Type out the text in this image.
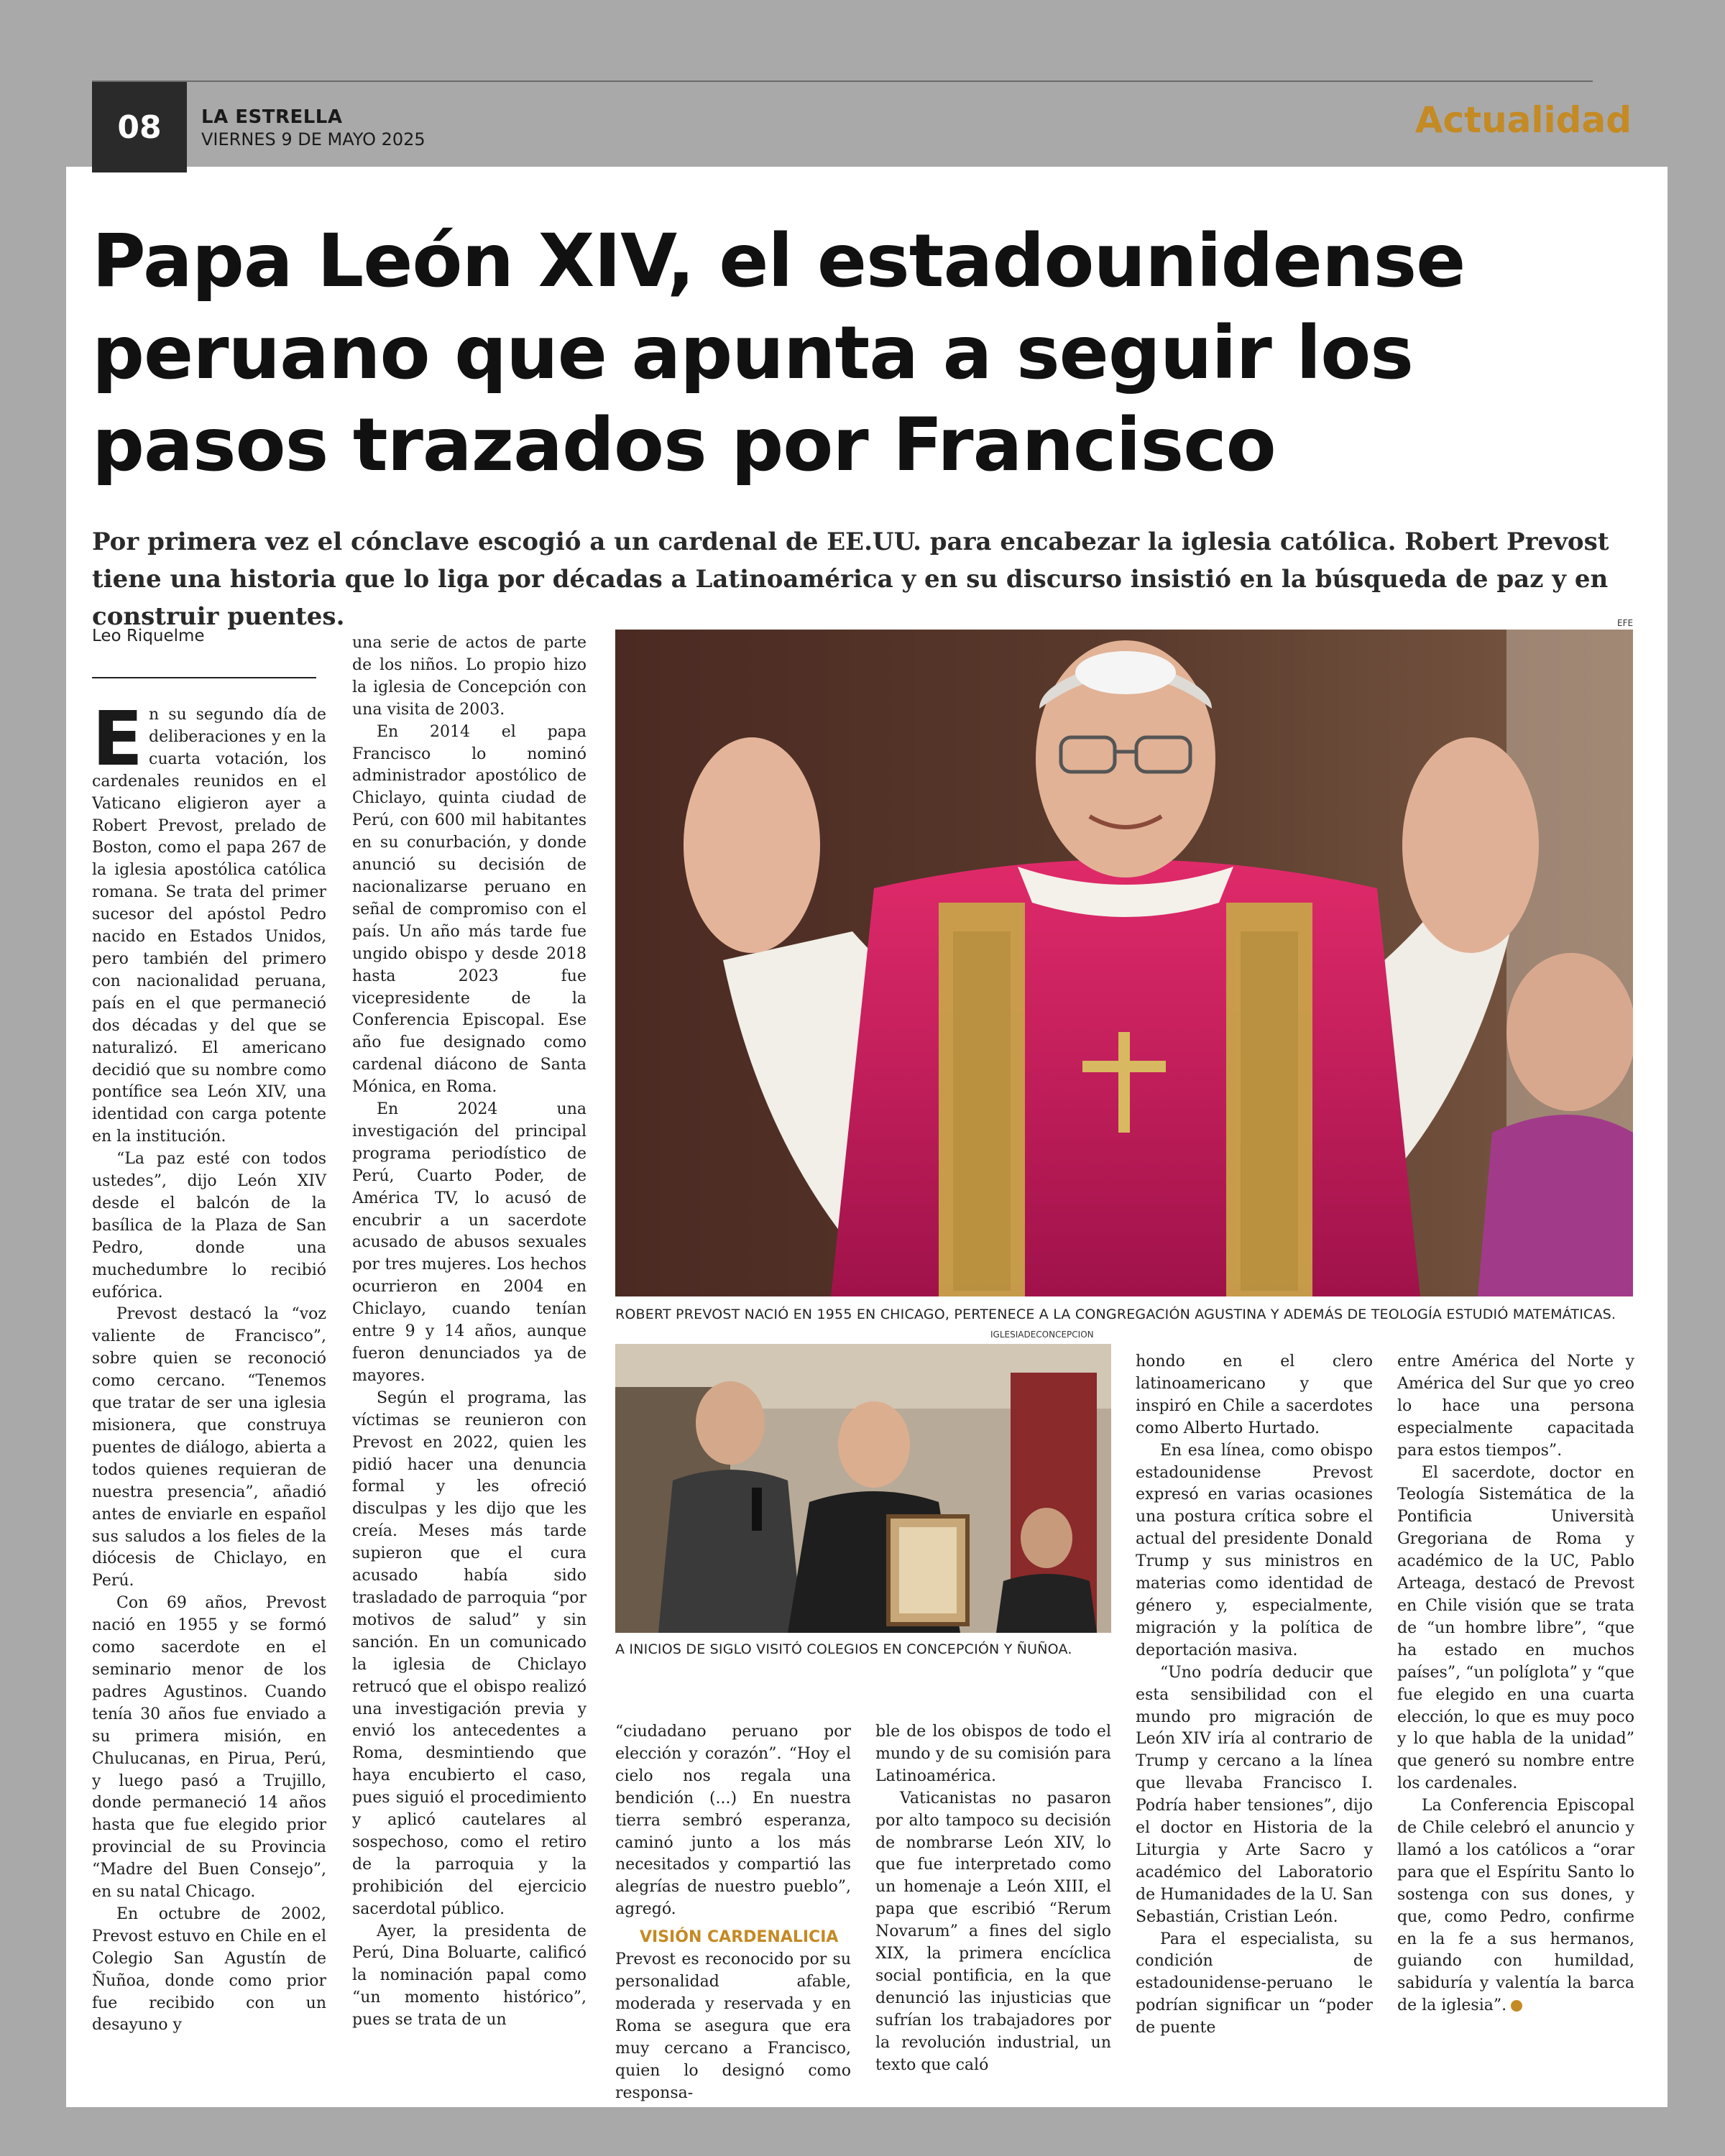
08	LA ESTRELLA
VIERNES 9 DE MAYO 2025	Actualidad
Papa León XIV, el estadounidense peruano que apunta a seguir los pasos trazados por Francisco
Por primera vez el cónclave escogió a un cardenal de EE.UU. para encabezar la iglesia católica. Robert Prevost tiene una historia que lo liga por décadas a Latinoamérica y en su discurso insistió en la búsqueda de paz y en construir puentes.
Leo Riquelme

En su segundo día de deliberaciones y en la cuarta votación, los cardenales reunidos en el Vaticano eligieron ayer a Robert Prevost, prelado de Boston, como el papa 267 de la iglesia apostólica católica romana. Se trata del primer sucesor del apóstol Pedro nacido en Estados Unidos, pero también del primero con nacionalidad peruana, país en el que permaneció dos décadas y del que se naturalizó. El americano decidió que su nombre como pontífice sea León XIV, una identidad con carga potente en la institución.

“La paz esté con todos ustedes”, dijo León XIV desde el balcón de la basílica de la Plaza de San Pedro, donde una muchedumbre lo recibió eufórica.

Prevost destacó la “voz valiente de Francisco”, sobre quien se reconoció como cercano. “Tenemos que tratar de ser una iglesia misionera, que construya puentes de diálogo, abierta a todos quienes requieran de nuestra presencia”, añadió antes de enviarle en español sus saludos a los fieles de la diócesis de Chiclayo, en Perú.

Con 69 años, Prevost nació en 1955 y se formó como sacerdote en el seminario menor de los padres Agustinos. Cuando tenía 30 años fue enviado a su primera misión, en Chulucanas, en Pirua, Perú, y luego pasó a Trujillo, donde permaneció 14 años hasta que fue elegido prior provincial de su Provincia “Madre del Buen Consejo”, en su natal Chicago.

En octubre de 2002, Prevost estuvo en Chile en el Colegio San Agustín de Ñuñoa, donde como prior fue recibido con un desayuno y

una serie de actos de parte de los niños. Lo propio hizo la iglesia de Concepción con una visita de 2003.

En 2014 el papa Francisco lo nominó administrador apostólico de Chiclayo, quinta ciudad de Perú, con 600 mil habitantes en su conurbación, y donde anunció su decisión de nacionalizarse peruano en señal de compromiso con el país. Un año más tarde fue ungido obispo y desde 2018 hasta 2023 fue vicepresidente de la Conferencia Episcopal. Ese año fue designado como cardenal diácono de Santa Mónica, en Roma.

En 2024 una investigación del principal programa periodístico de Perú, Cuarto Poder, de América TV, lo acusó de encubrir a un sacerdote acusado de abusos sexuales por tres mujeres. Los hechos ocurrieron en 2004 en Chiclayo, cuando tenían entre 9 y 14 años, aunque fueron denunciados ya de mayores.

Según el programa, las víctimas se reunieron con Prevost en 2022, quien les pidió hacer una denuncia formal y les ofreció disculpas y les dijo que les creía. Meses más tarde supieron que el cura acusado había sido trasladado de parroquia “por motivos de salud” y sin sanción. En un comunicado la iglesia de Chiclayo retrucó que el obispo realizó una investigación previa y envió los antecedentes a Roma, desmintiendo que haya encubierto el caso, pues siguió el procedimiento y aplicó cautelares al sospechoso, como el retiro de la parroquia y la prohibición del ejercicio sacerdotal público.

Ayer, la presidenta de Perú, Dina Boluarte, calificó la nominación papal como “un momento histórico”, pues se trata de un

EFE
ROBERT PREVOST NACIÓ EN 1955 EN CHICAGO, PERTENECE A LA CONGREGACIÓN AGUSTINA Y ADEMÁS DE TEOLOGÍA ESTUDIÓ MATEMÁTICAS.
IGLESIADECONCEPCION
A INICIOS DE SIGLO VISITÓ COLEGIOS EN CONCEPCIÓN Y ÑUÑOA.

“ciudadano peruano por elección y corazón”. “Hoy el cielo nos regala una bendición (...) En nuestra tierra sembró esperanza, caminó junto a los más necesitados y compartió las alegrías de nuestro pueblo”, agregó.

VISIÓN CARDENALICIA

Prevost es reconocido por su personalidad afable, moderada y reservada y en Roma se asegura que era muy cercano a Francisco, quien lo designó como responsa-

ble de los obispos de todo el mundo y de su comisión para Latinoamérica.

Vaticanistas no pasaron por alto tampoco su decisión de nombrarse León XIV, lo que fue interpretado como un homenaje a León XIII, el papa que escribió “Rerum Novarum” a fines del siglo XIX, la primera encíclica social pontificia, en la que denunció las injusticias que sufrían los trabajadores por la revolución industrial, un texto que caló

hondo en el clero latinoamericano y que inspiró en Chile a sacerdotes como Alberto Hurtado.

En esa línea, como obispo estadounidense Prevost expresó en varias ocasiones una postura crítica sobre el actual del presidente Donald Trump y sus ministros en materias como identidad de género y, especialmente, migración y la política de deportación masiva.

“Uno podría deducir que esta sensibilidad con el mundo pro migración de León XIV iría al contrario de Trump y cercano a la línea que llevaba Francisco I. Podría haber tensiones”, dijo el doctor en Historia de la Liturgia y Arte Sacro y académico del Laboratorio de Humanidades de la U. San Sebastián, Cristian León.

Para el especialista, su condición de estadounidense-peruano le podrían significar un “poder de puente

entre América del Norte y América del Sur que yo creo lo hace una persona especialmente capacitada para estos tiempos”.

El sacerdote, doctor en Teología Sistemática de la Pontificia Università Gregoriana de Roma y académico de la UC, Pablo Arteaga, destacó de Prevost en Chile visión que se trata de “un hombre libre”, “que ha estado en muchos países”, “un políglota” y “que fue elegido en una cuarta elección, lo que es muy poco y lo que habla de la unidad” que generó su nombre entre los cardenales.

La Conferencia Episcopal de Chile celebró el anuncio y llamó a los católicos a “orar para que el Espíritu Santo lo sostenga con sus dones, y que, como Pedro, confirme en la fe a sus hermanos, guiando con humildad, sabiduría y valentía la barca de la iglesia”.
